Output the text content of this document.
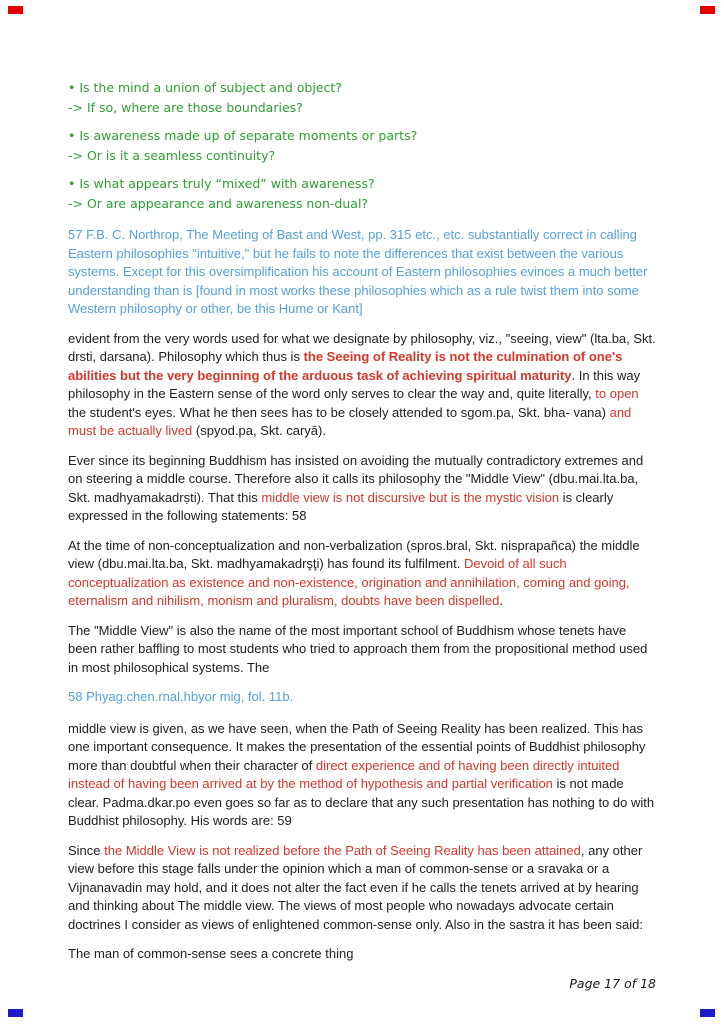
• Is the mind a union of subject and object?
-> If so, where are those boundaries?
• Is awareness made up of separate moments or parts?
-> Or is it a seamless continuity?
• Is what appears truly “mixed” with awareness?
-> Or are appearance and awareness non-dual?

57 F.B. C. Northrop, The Meeting of Bast and West, pp. 315 etc., etc. substantially correct in calling Eastern philosophies "intuitive," but he fails to note the differences that exist between the various systems. Except for this oversimplification his account of Eastern philosophies evinces a much better understanding than is [found in most works these philosophies which as a rule twist them into some Western philosophy or other, be this Hume or Kant]

evident from the very words used for what we designate by philosophy, viz., "seeing, view" (lta.ba, Skt. drsti, darsana). Philosophy which thus is the Seeing of Reality is not the culmination of one's abilities but the very beginning of the arduous task of achieving spiritual maturity. In this way philosophy in the Eastern sense of the word only serves to clear the way and, quite literally, to open the student's eyes. What he then sees has to be closely attended to sgom.pa, Skt. bha- vana) and must be actually lived (spyod.pa, Skt. caryā).

Ever since its beginning Buddhism has insisted on avoiding the mutually contradictory extremes and on steering a middle course. Therefore also it calls its philosophy the "Middle View" (dbu.mai.lta.ba, Skt. madhyamakadrṣti). That this middle view is not discursive but is the mystic vision is clearly expressed in the following statements: 58

At the time of non-conceptualization and non-verbalization (spros.bral, Skt. nisprapañca) the middle view (dbu.mai.lta.ba, Skt. madhyamakadrşţi) has found its fulfilment. Devoid of all such conceptualization as existence and non-existence, origination and annihilation, coming and going, eternalism and nihilism, monism and pluralism, doubts have been dispelled.

The "Middle View" is also the name of the most important school of Buddhism whose tenets have been rather baffling to most students who tried to approach them from the propositional method used in most philosophical systems. The

58 Phyag.chen.rnal.hbyor mig, fol. 11b.

middle view is given, as we have seen, when the Path of Seeing Reality has been realized. This has one important consequence. It makes the presentation of the essential points of Buddhist philosophy more than doubtful when their character of direct experience and of having been directly intuited instead of having been arrived at by the method of hypothesis and partial verification is not made clear. Padma.dkar.po even goes so far as to declare that any such presentation has nothing to do with Buddhist philosophy. His words are: 59

Since the Middle View is not realized before the Path of Seeing Reality has been attained, any other view before this stage falls under the opinion which a man of common-sense or a sravaka or a Vijnanavadin may hold, and it does not alter the fact even if he calls the tenets arrived at by hearing and thinking about The middle view. The views of most people who nowadays advocate certain doctrines I consider as views of enlightened common-sense only. Also in the sastra it has been said:

The man of common-sense sees a concrete thing

Page 17 of 18
